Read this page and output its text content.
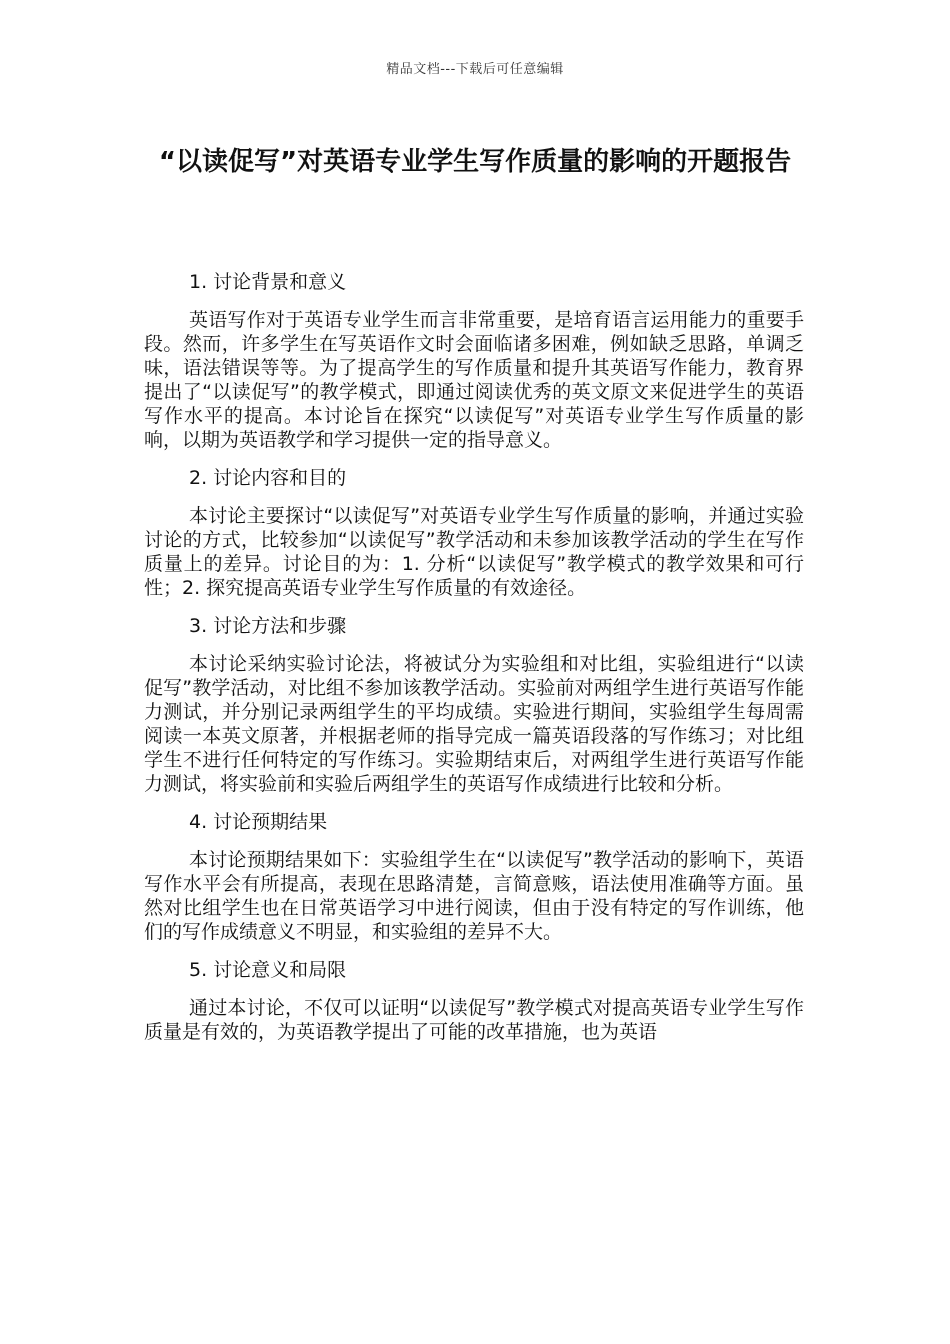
精品文档---下载后可任意编辑
“以读促写”对英语专业学生写作质量的影响的开题报告

1. 讨论背景和意义

英语写作对于英语专业学生而言非常重要，是培育语言运用能力的重要手段。然而，许多学生在写英语作文时会面临诸多困难，例如缺乏思路，单调乏味，语法错误等等。为了提高学生的写作质量和提升其英语写作能力，教育界提出了“以读促写”的教学模式，即通过阅读优秀的英文原文来促进学生的英语写作水平的提高。本讨论旨在探究“以读促写”对英语专业学生写作质量的影响，以期为英语教学和学习提供一定的指导意义。

2. 讨论内容和目的

本讨论主要探讨“以读促写”对英语专业学生写作质量的影响，并通过实验讨论的方式，比较参加“以读促写”教学活动和未参加该教学活动的学生在写作质量上的差异。讨论目的为：1. 分析“以读促写”教学模式的教学效果和可行性；2. 探究提高英语专业学生写作质量的有效途径。

3. 讨论方法和步骤

本讨论采纳实验讨论法，将被试分为实验组和对比组，实验组进行“以读促写”教学活动，对比组不参加该教学活动。实验前对两组学生进行英语写作能力测试，并分别记录两组学生的平均成绩。实验进行期间，实验组学生每周需阅读一本英文原著，并根据老师的指导完成一篇英语段落的写作练习；对比组学生不进行任何特定的写作练习。实验期结束后，对两组学生进行英语写作能力测试，将实验前和实验后两组学生的英语写作成绩进行比较和分析。

4. 讨论预期结果

本讨论预期结果如下：实验组学生在“以读促写”教学活动的影响下，英语写作水平会有所提高，表现在思路清楚，言简意赅，语法使用准确等方面。虽然对比组学生也在日常英语学习中进行阅读，但由于没有特定的写作训练，他们的写作成绩意义不明显，和实验组的差异不大。

5. 讨论意义和局限

通过本讨论，不仅可以证明“以读促写”教学模式对提高英语专业学生写作质量是有效的，为英语教学提出了可能的改革措施，也为英语
